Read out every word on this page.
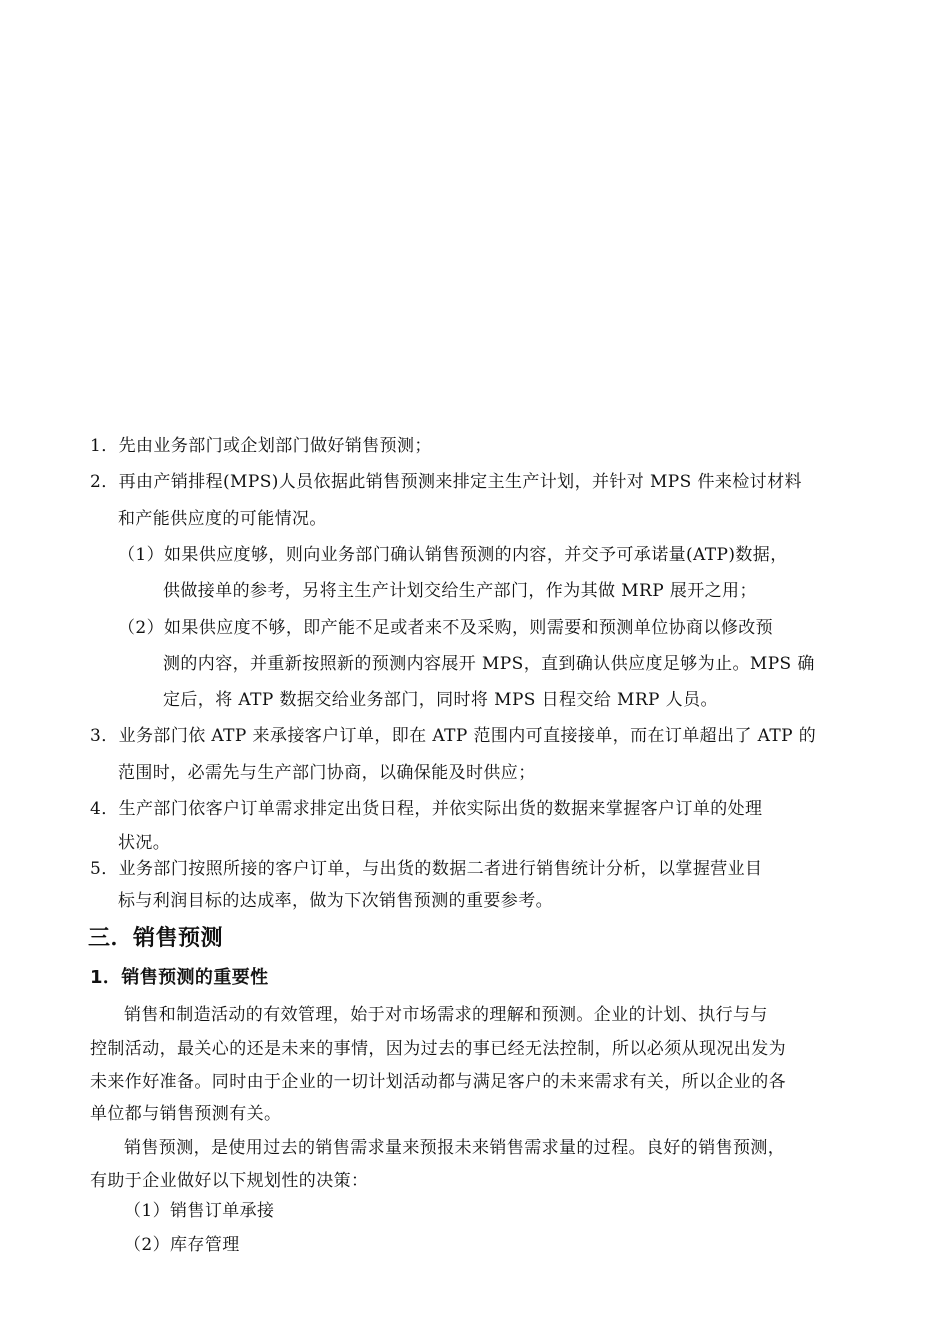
1．先由业务部门或企划部门做好销售预测；
2．再由产销排程(MPS)人员依据此销售预测来排定主生产计划，并针对 MPS 件来检讨材料
和产能供应度的可能情况。
（1）如果供应度够，则向业务部门确认销售预测的内容，并交予可承诺量(ATP)数据，
供做接单的参考，另将主生产计划交给生产部门，作为其做 MRP 展开之用；
（2）如果供应度不够，即产能不足或者来不及采购，则需要和预测单位协商以修改预
测的内容，并重新按照新的预测内容展开 MPS，直到确认供应度足够为止。MPS 确
定后，将 ATP 数据交给业务部门，同时将 MPS 日程交给 MRP 人员。
3．业务部门依 ATP 来承接客户订单，即在 ATP 范围内可直接接单，而在订单超出了 ATP 的
范围时，必需先与生产部门协商，以确保能及时供应；
4．生产部门依客户订单需求排定出货日程，并依实际出货的数据来掌握客户订单的处理
状况。
5．业务部门按照所接的客户订单，与出货的数据二者进行销售统计分析，以掌握营业目
标与利润目标的达成率，做为下次销售预测的重要参考。
三．销售预测
1．销售预测的重要性
销售和制造活动的有效管理，始于对市场需求的理解和预测。企业的计划、执行与与
控制活动，最关心的还是未来的事情，因为过去的事已经无法控制，所以必须从现况出发为
未来作好准备。同时由于企业的一切计划活动都与满足客户的未来需求有关，所以企业的各
单位都与销售预测有关。
销售预测，是使用过去的销售需求量来预报未来销售需求量的过程。良好的销售预测，
有助于企业做好以下规划性的决策：
（1）销售订单承接
（2）库存管理
